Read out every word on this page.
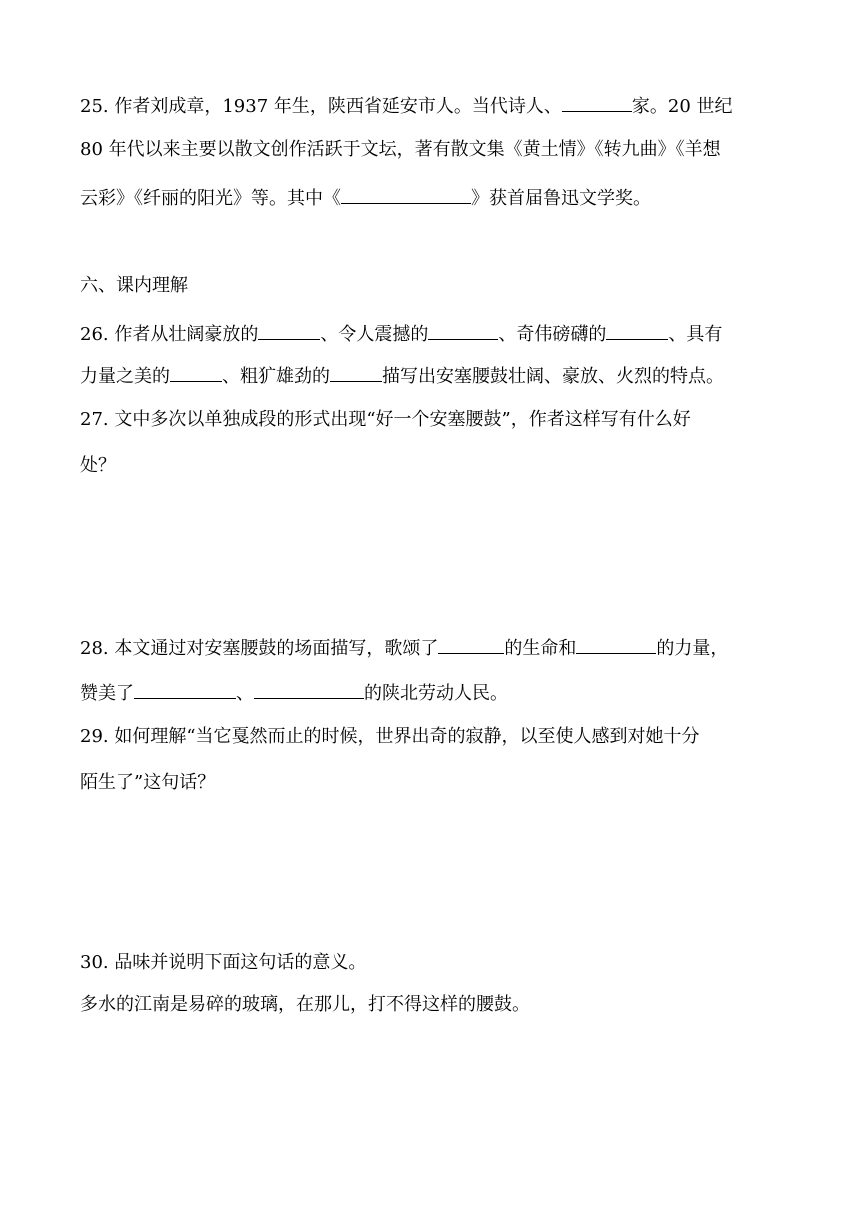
25. 作者刘成章，1937 年生，陕西省延安市人。当代诗人、	家。20 世纪
80 年代以来主要以散文创作活跃于文坛，著有散文集《黄土情》《转九曲》《羊想
云彩》《纤丽的阳光》等。其中《	》获首届鲁迅文学奖。
六、课内理解
26. 作者从壮阔豪放的	、令人震撼的	、奇伟磅礴的	、具有
力量之美的	、粗犷雄劲的	描写出安塞腰鼓壮阔、豪放、火烈的特点。
27. 文中多次以单独成段的形式出现“好一个安塞腰鼓”，作者这样写有什么好
处？
28. 本文通过对安塞腰鼓的场面描写，歌颂了	的生命和	的力量，
赞美了	、	的陕北劳动人民。
29. 如何理解“当它戛然而止的时候，世界出奇的寂静，以至使人感到对她十分
陌生了”这句话？
30. 品味并说明下面这句话的意义。
多水的江南是易碎的玻璃，在那儿，打不得这样的腰鼓。
